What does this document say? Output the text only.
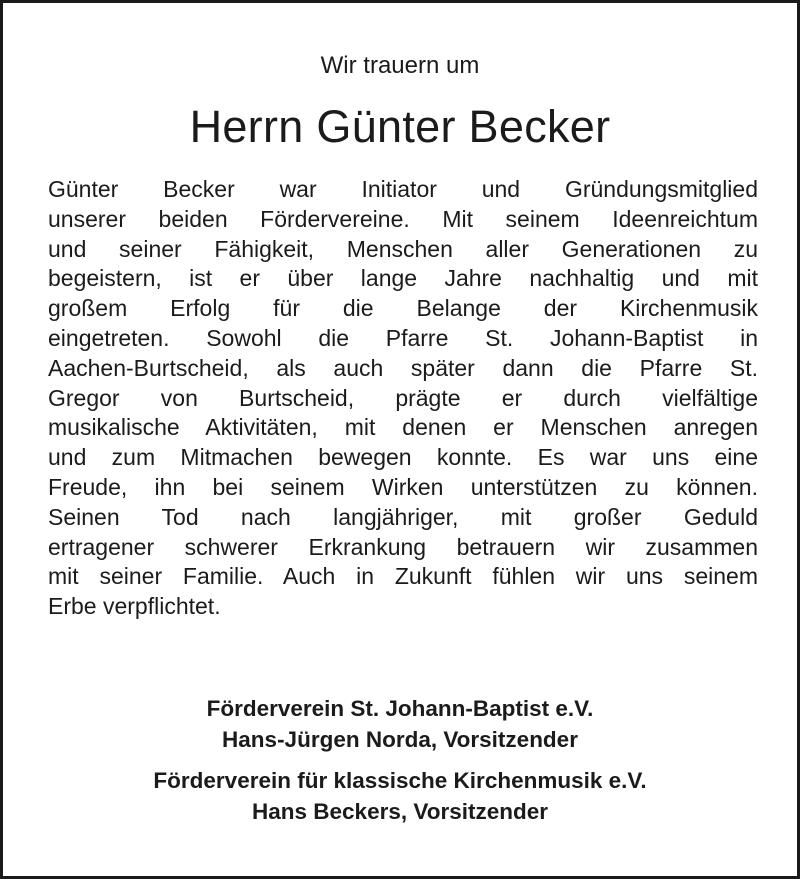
Wir trauern um
Herrn Günter Becker
Günter Becker war Initiator und Gründungsmitglied
unserer beiden Fördervereine. Mit seinem Ideenreichtum
und seiner Fähigkeit, Menschen aller Generationen zu
begeistern, ist er über lange Jahre nachhaltig und mit
großem Erfolg für die Belange der Kirchenmusik
eingetreten. Sowohl die Pfarre St. Johann-Baptist in
Aachen-Burtscheid, als auch später dann die Pfarre St.
Gregor von Burtscheid, prägte er durch vielfältige
musikalische Aktivitäten, mit denen er Menschen anregen
und zum Mitmachen bewegen konnte. Es war uns eine
Freude, ihn bei seinem Wirken unterstützen zu können.
Seinen Tod nach langjähriger, mit großer Geduld
ertragener schwerer Erkrankung betrauern wir zusammen
mit seiner Familie. Auch in Zukunft fühlen wir uns seinem
Erbe verpflichtet.
Förderverein St. Johann-Baptist e.V.
Hans-Jürgen Norda, Vorsitzender
Förderverein für klassische Kirchenmusik e.V.
Hans Beckers, Vorsitzender
